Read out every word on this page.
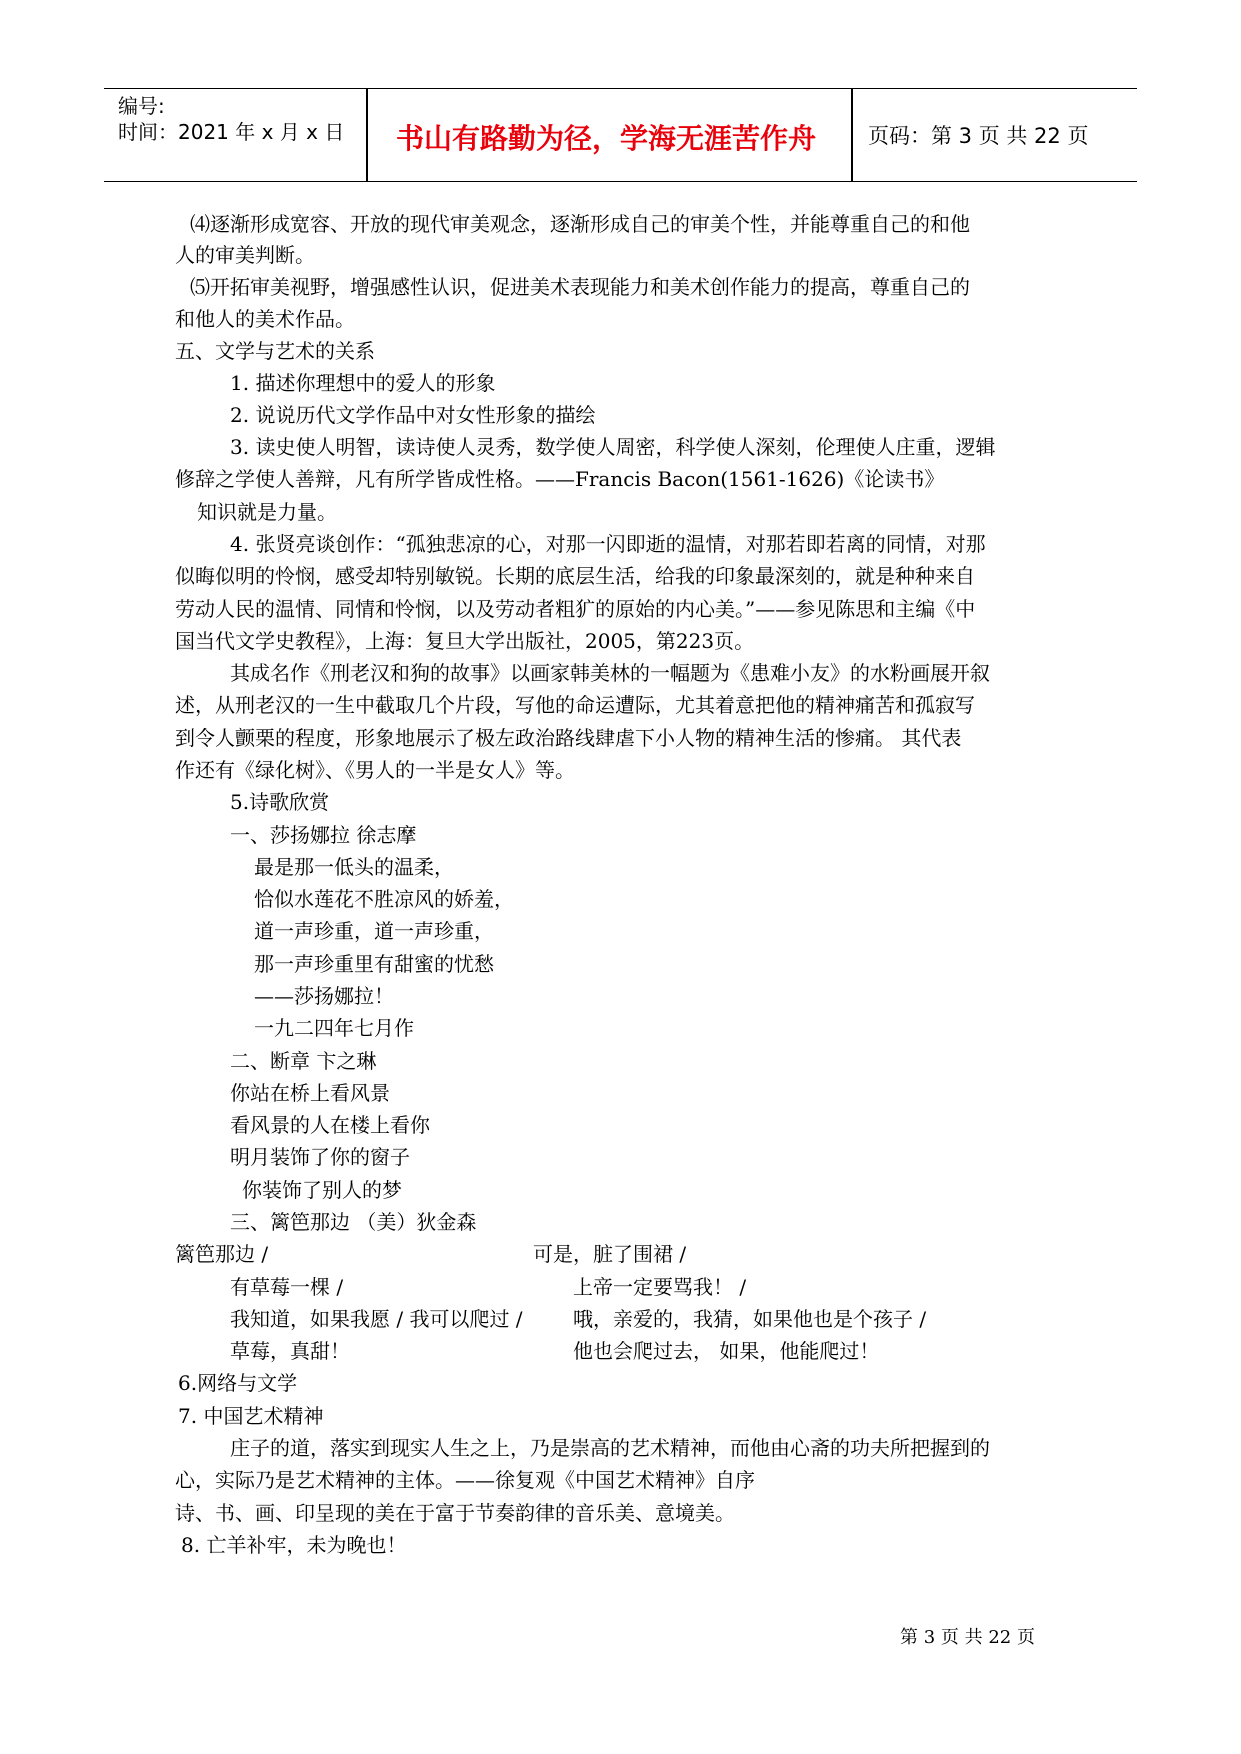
编号:
时间：2021 年 x 月 x 日	书山有路勤为径，学海无涯苦作舟	页码：第 3 页 共 22 页
⑷逐渐形成宽容、开放的现代审美观念，逐渐形成自己的审美个性，并能尊重自己的和他
人的审美判断。
⑸开拓审美视野，增强感性认识，促进美术表现能力和美术创作能力的提高，尊重自己的
和他人的美术作品。
五、文学与艺术的关系
1. 描述你理想中的爱人的形象
2. 说说历代文学作品中对女性形象的描绘
3. 读史使人明智，读诗使人灵秀，数学使人周密，科学使人深刻，伦理使人庄重，逻辑
修辞之学使人善辩，凡有所学皆成性格。——Francis Bacon(1561-1626)《论读书》
知识就是力量。
4. 张贤亮谈创作：“孤独悲凉的心，对那一闪即逝的温情，对那若即若离的同情，对那
似晦似明的怜悯，感受却特别敏锐。长期的底层生活，给我的印象最深刻的，就是种种来自
劳动人民的温情、同情和怜悯，以及劳动者粗犷的原始的内心美。”——参见陈思和主编《中
国当代文学史教程》，上海：复旦大学出版社，2005，第223页。
其成名作《刑老汉和狗的故事》以画家韩美林的一幅题为《患难小友》的水粉画展开叙
述，从刑老汉的一生中截取几个片段，写他的命运遭际，尤其着意把他的精神痛苦和孤寂写
到令人颤栗的程度，形象地展示了极左政治路线肆虐下小人物的精神生活的惨痛。 其代表
作还有《绿化树》、《男人的一半是女人》等。
5.诗歌欣赏
一、莎扬娜拉 徐志摩
最是那一低头的温柔，
恰似水莲花不胜凉风的娇羞，
道一声珍重，道一声珍重，
那一声珍重里有甜蜜的忧愁
——莎扬娜拉！
一九二四年七月作
二、断章 卞之琳
你站在桥上看风景
看风景的人在楼上看你
明月装饰了你的窗子
你装饰了别人的梦
三、篱笆那边 （美）狄金森
篱笆那边 /	可是，脏了围裙 /
有草莓一棵 /	上帝一定要骂我！ /
我知道，如果我愿 / 我可以爬过 /	哦，亲爱的，我猜，如果他也是个孩子 /
草莓，真甜！	他也会爬过去， 如果，他能爬过！
6.网络与文学
7. 中国艺术精神
庄子的道，落实到现实人生之上，乃是崇高的艺术精神，而他由心斋的功夫所把握到的
心，实际乃是艺术精神的主体。——徐复观《中国艺术精神》自序
诗、书、画、印呈现的美在于富于节奏韵律的音乐美、意境美。
8. 亡羊补牢，未为晚也！
第 3 页 共 22 页
